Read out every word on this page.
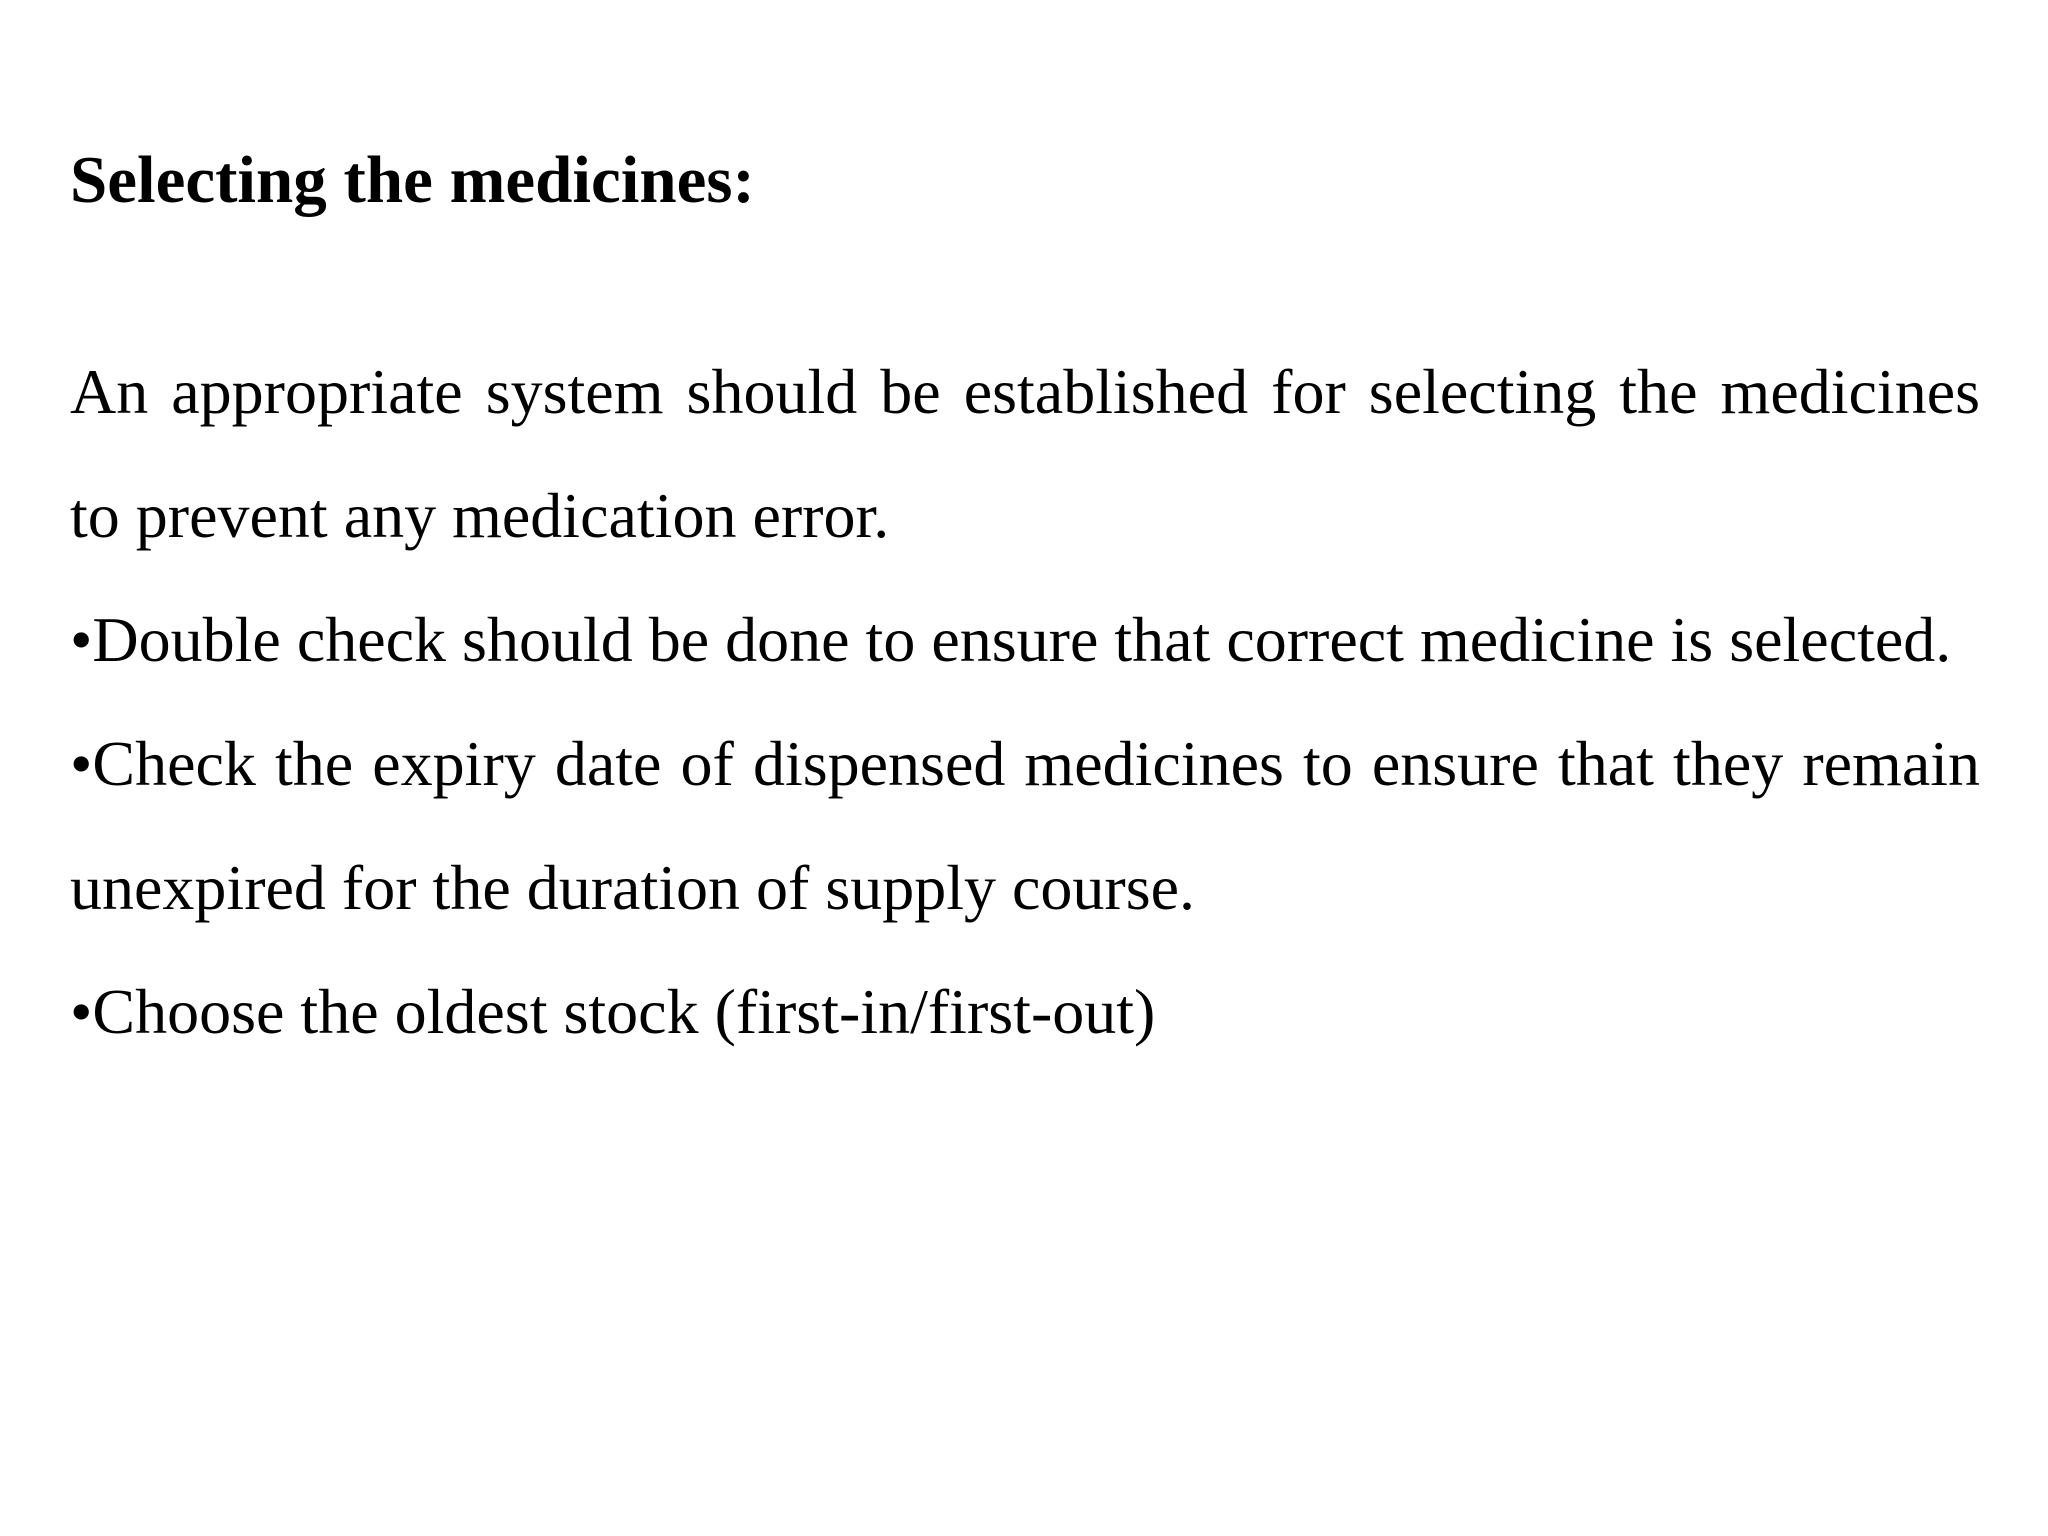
Selecting the medicines:

An appropriate system should be established for selecting the medicines to prevent any medication error.

•Double check should be done to ensure that correct medicine is selected.

•Check the expiry date of dispensed medicines to ensure that they remain unexpired for the duration of supply course.

•Choose the oldest stock (first-in/first-out)
